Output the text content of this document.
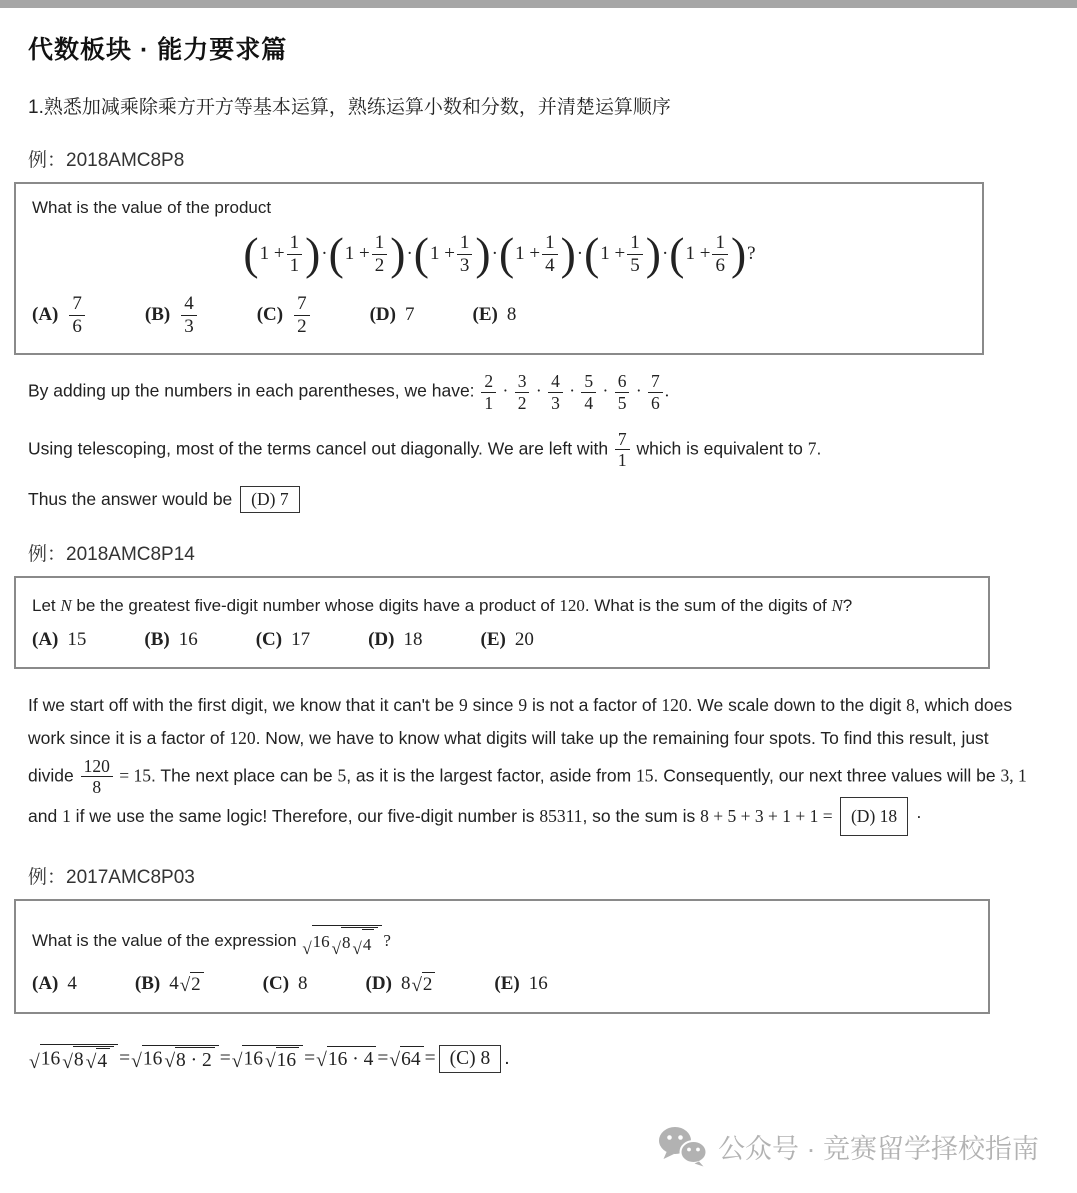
代数板块 · 能力要求篇

1.熟悉加减乘除乘方开方等基本运算，熟练运算小数和分数，并清楚运算顺序

例：2018AMC8P8

What is the value of the product

( $1 + \frac{1}{1}$ ) · ( $1 + \frac{1}{2}$ ) · ( $1 + \frac{1}{3}$ ) · ( $1 + \frac{1}{4}$ ) · ( $1 + \frac{1}{5}$ ) · ( $1 + \frac{1}{6}$ ) ?
$(A) \frac{7}{6}$	$(B) \frac{4}{3}$	$(C) \frac{7}{2}$	(D) 7	(E) 8
By adding up the numbers in each parentheses, we have: $\frac{2}{1} \cdot \frac{3}{2} \cdot \frac{4}{3} \cdot \frac{5}{4} \cdot \frac{6}{5} \cdot \frac{7}{6}$ .
Using telescoping, most of the terms cancel out diagonally. We are left with $\frac{7}{1}$ which is equivalent to 7.
Thus the answer would be (D) 7

例：2018AMC8P14

Let N be the greatest five-digit number whose digits have a product of 120. What is the sum of the digits of N?

(A) 15	(B) 16	(C) 17	(D) 18	(E) 20
If we start off with the first digit, we know that it can't be 9 since 9 is not a factor of 120. We scale down to the digit 8, which does work since it is a factor of 120. Now, we have to know what digits will take up the remaining four spots. To find this result, just divide $\frac{120}{8} = 15$. The next place can be 5, as it is the largest factor, aside from 15. Consequently, our next three values will be 3, 1 and 1 if we use the same logic! Therefore, our five-digit number is 85311, so the sum is 8 + 5 + 3 + 1 + 1 = (D) 18 ·

例：2017AMC8P03

What is the value of the expression √ 16 √ 8 √ 4 ?

(A) 4	(B) 4 √ 2	(C) 8	(D) 8 √ 2	(E) 16
√ 16 √ 8 √ 4 = √ 16 √ 8 · 2 = √ 16 √ 16 = √ 16 · 4 = √ 64 = (C) 8 .
公众号 · 竞赛留学择校指南
